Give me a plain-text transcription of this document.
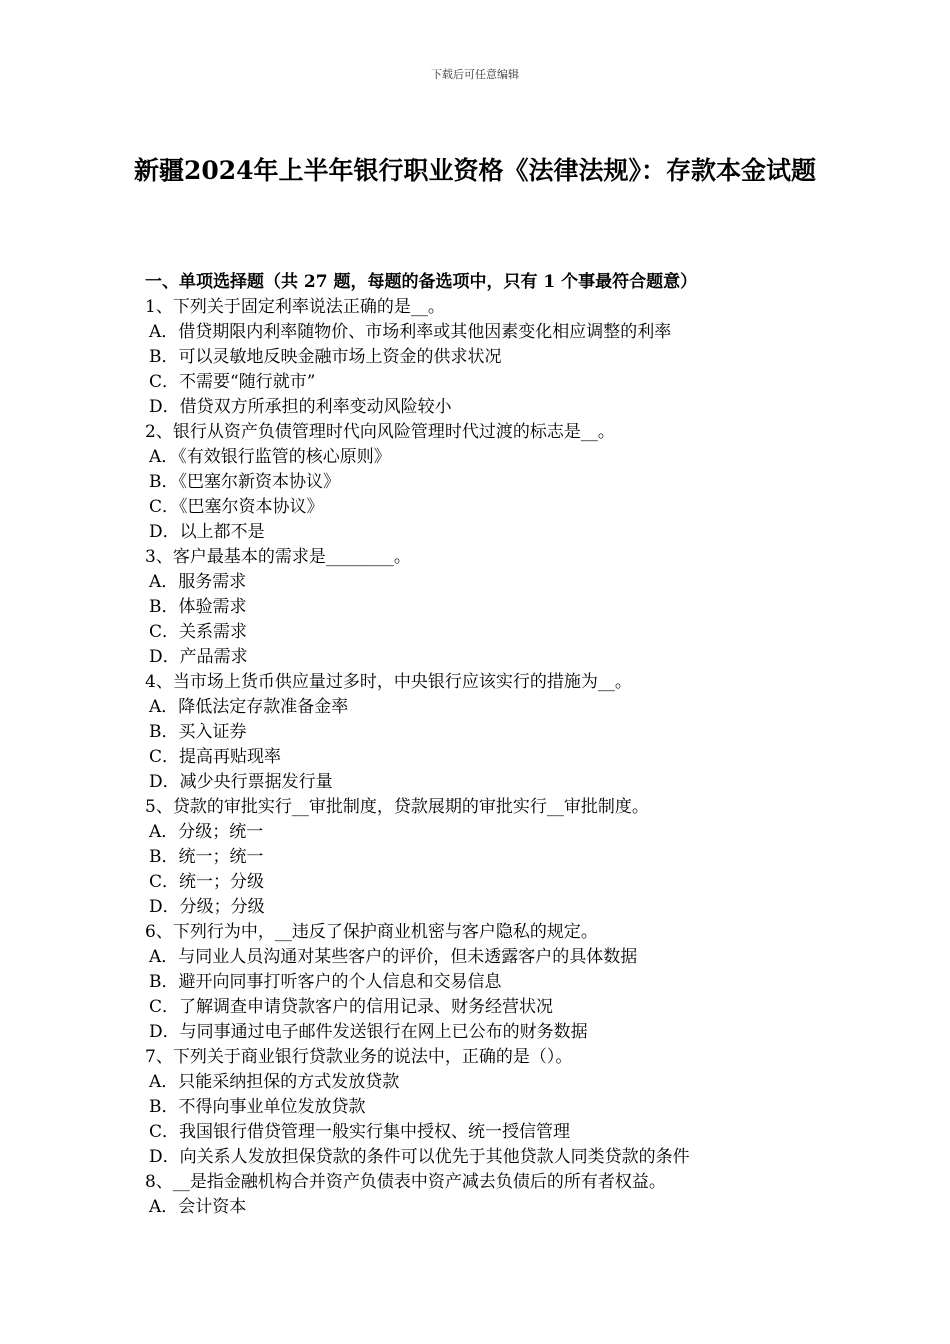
下载后可任意编辑
新疆2024年上半年银行职业资格《法律法规》：存款本金试题
一、单项选择题（共 27 题，每题的备选项中，只有 1 个事最符合题意）
1、下列关于固定利率说法正确的是__。
A．借贷期限内利率随物价、市场利率或其他因素变化相应调整的利率
B．可以灵敏地反映金融市场上资金的供求状况
C．不需要“随行就市”
D．借贷双方所承担的利率变动风险较小
2、银行从资产负债管理时代向风险管理时代过渡的标志是__。
A．《有效银行监管的核心原则》
B．《巴塞尔新资本协议》
C．《巴塞尔资本协议》
D．以上都不是
3、客户最基本的需求是________。
A．服务需求
B．体验需求
C．关系需求
D．产品需求
4、当市场上货币供应量过多时，中央银行应该实行的措施为__。
A．降低法定存款准备金率
B．买入证券
C．提高再贴现率
D．减少央行票据发行量
5、贷款的审批实行__审批制度，贷款展期的审批实行__审批制度。
A．分级；统一
B．统一；统一
C．统一；分级
D．分级；分级
6、下列行为中，__违反了保护商业机密与客户隐私的规定。
A．与同业人员沟通对某些客户的评价，但未透露客户的具体数据
B．避开向同事打听客户的个人信息和交易信息
C．了解调查申请贷款客户的信用记录、财务经营状况
D．与同事通过电子邮件发送银行在网上已公布的财务数据
7、下列关于商业银行贷款业务的说法中，正确的是（）。
A．只能采纳担保的方式发放贷款
B．不得向事业单位发放贷款
C．我国银行借贷管理一般实行集中授权、统一授信管理
D．向关系人发放担保贷款的条件可以优先于其他贷款人同类贷款的条件
8、__是指金融机构合并资产负债表中资产减去负债后的所有者权益。
A．会计资本
